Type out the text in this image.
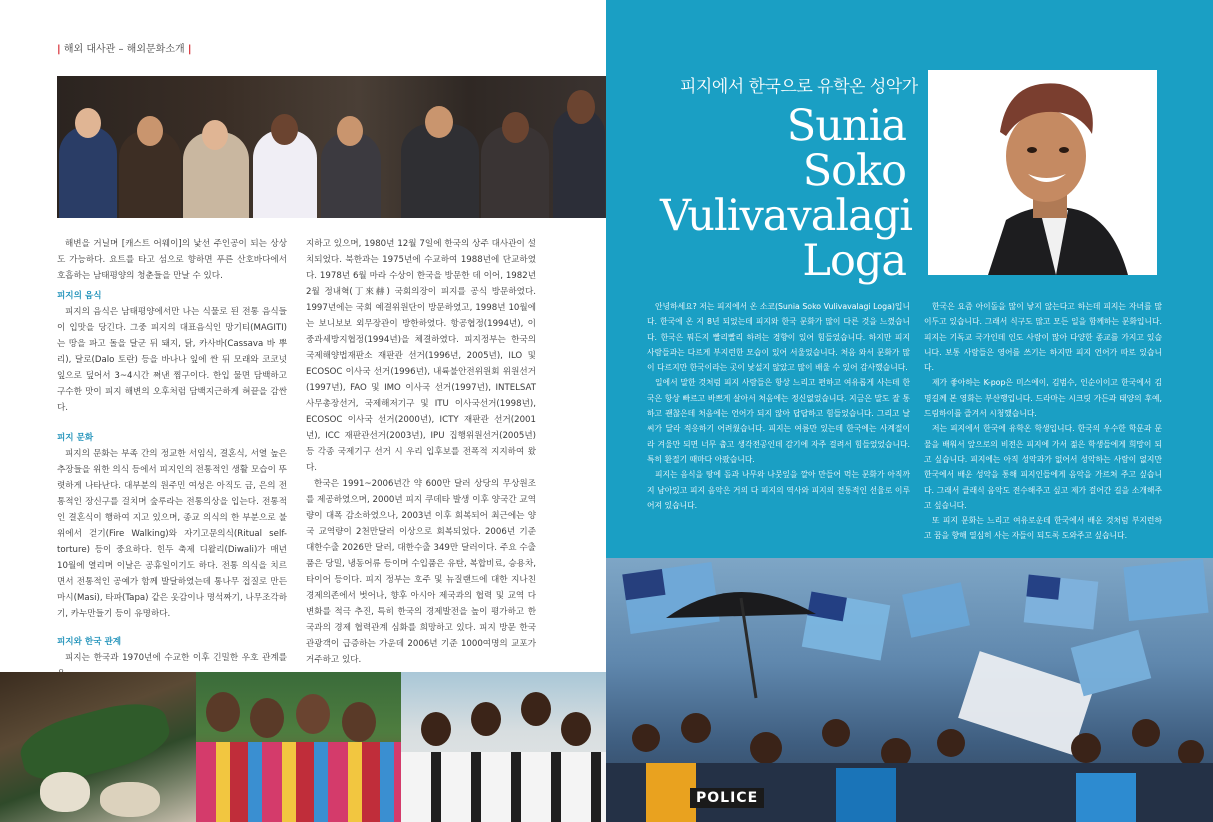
| 해외 대사관 – 해외문화소개 |

해변을 거닐며 [캐스트 어웨이]의 낯선 주인공이 되는 상상도 가능하다. 요트를 타고 섬으로 향하면 푸른 산호바다에서 호흡하는 남태평양의 청춘들을 만날 수 있다.

피지의 음식

피지의 음식은 남태평양에서만 나는 식물로 된 전통 음식들이 입맛을 당긴다. 그중 피지의 대표음식인 망기티(MAGITI)는 땅을 파고 돌을 달군 뒤 돼지, 닭, 카사바(Cassava 바 뿌리), 달로(Dalo 토란) 등을 바나나 잎에 싼 뒤 모래와 코코넛 잎으로 덮어서 3~4시간 쪄낸 찜구이다. 한입 물면 담백하고 구수한 맛이 피지 해변의 오후처럼 담백지근하게 혀끝을 감싼다.

피지 문화

피지의 문화는 부족 간의 정교한 서임식, 결혼식, 서열 높은 추장들을 위한 의식 등에서 피지인의 전통적인 생활 모습이 뚜렷하게 나타난다. 대부분의 원주민 여성은 아직도 금, 은의 전통적인 장신구를 걸치며 숲루라는 전통의상을 입는다. 전통적인 결혼식이 행하여 지고 있으며, 종교 의식의 한 부분으로 불 위에서 걷기(Fire Walking)와 자기고문의식(Ritual self-torture) 등이 중요하다. 힌두 축제 디왈리(Diwali)가 매년 10월에 열리며 이날은 공휴일이기도 하다. 전통 의식을 치르면서 전통적인 공예가 함께 발달하였는데 통나무 접질로 만든 마시(Masi), 타파(Tapa) 같은 옷감이나 명석짜기, 나무조각하기, 카누만들기 등이 유명하다.

피지와 한국 관계

피지는 한국과 1970년에 수교한 이후 긴밀한 우호 관계를

지하고 있으며, 1980년 12월 7일에 한국의 상주 대사관이 설치되었다. 북한과는 1975년에 수교하여 1988년에 단교하였다. 1978년 6월 마라 수상이 한국을 방문한 데 이어, 1982년 2월 정내혁(丁來赫) 국회의장이 피지를 공식 방문하였다. 1997년에는 국회 예결위원단이 방문하였고, 1998년 10월에는 보니보보 외무장관이 방한하였다. 항공협정(1994년), 이중과세방지협정(1994년)을 체결하였다. 피지정부는 한국의 국제해양법재판소 재판관 선거(1996년, 2005년), ILO 및 ECOSOC 이사국 선거(1996년), 내륙불안전위원회 위원선거(1997년), FAO 및 IMO 이사국 선거(1997년), INTELSAT 사무총장선거, 국제해저기구 및 ITU 이사국선거(1998년), ECOSOC 이사국 선거(2000년), ICTY 재판관 선거(2001년), ICC 재판관선거(2003년), IPU 집행위원선거(2005년) 등 각종 국제기구 선거 시 우리 입후보를 전폭적 지지하여 왔다.

한국은 1991~2006년간 약 600만 달러 상당의 무상원조를 제공하였으며, 2000년 피지 쿠데타 발생 이후 양국간 교역량이 대폭 감소하였으나, 2003년 이후 회복되어 최근에는 양국 교역량이 2천만달러 이상으로 회복되었다. 2006년 기준 대한수출 2026만 달러, 대한수출 349만 달러이다. 주요 수출품은 당밀, 냉동어류 등이며 수입품은 유탄, 복합비료, 승용차, 타이어 등이다. 피지 정부는 호주 및 뉴질랜드에 대한 지나친 경제의존에서 벗어나, 향후 아시아 제국과의 협력 및 교역 다변화를 적극 추진, 특히 한국의 경제발전을 높이 평가하고 한국과의 경제 협력관계 심화를 희망하고 있다. 피지 방문 한국 관광객이 급증하는 가운데 2006년 기준 1000여명의 교포가 거주하고 있다.

피지에서 한국으로 유학온 성악가
Sunia
Soko
Vulivavalagi
Loga

안녕하세요? 저는 피지에서 온 소코(Sunia Soko Vulivavalagi Loga)입니다. 한국에 온 지 8년 되었는데 피지와 한국 문화가 많이 다른 것을 느꼈습니다. 한국은 뭐든지 빨리빨리 하려는 경향이 있어 힘들었습니다. 하지만 피지 사람들과는 다르게 부지런한 모습이 있어 서울었습니다. 처음 와서 문화가 많이 다르지만 한국이라는 곳이 낯설지 않았고 많이 배울 수 있어 감사했습니다.

일에서 말한 것처럼 피지 사람들은 항상 느리고 편하고 여유롭게 사는데 한국은 항상 빠르고 바쁘게 살아서 처음에는 정신없었습니다. 지금은 말도 잘 통하고 괜찮은데 처음에는 언어가 되지 않아 답답하고 힘들었습니다. 그리고 날씨가 달라 적응하기 어려웠습니다. 피지는 여름만 있는데 한국에는 사계절이라 겨울만 되면 너무 춥고 생각전공인데 감기에 자주 걸려서 힘들었었습니다. 특히 환절기 때마다 아팠습니다.

피지는 음식을 땅에 돌과 나무와 나뭇잎을 깔아 만들어 먹는 문화가 아직까지 남아있고 피지 음악은 거의 다 피지의 역사와 피지의 전통적인 선율로 이루어져 있습니다.

한국은 요즘 아이돌을 많이 낳지 않는다고 하는데 피지는 자녀를 많이두고 있습니다. 그래서 식구도 많고 모든 일을 함께하는 문화입니다. 피지는 기독교 국가인데 인도 사람이 많아 다양한 종교를 가지고 있습니다. 보통 사람들은 영어를 쓰기는 하지만 피지 언어가 따로 있습니다.

제가 좋아하는 K-pop은 미스에이, 김범수, 인순이이고 한국에서 김명길께 본 영화는 부산행입니다. 드라마는 시크릿 가든과 태양의 후예, 드림하이를 즐겨서 시청했습니다.

저는 피지에서 한국에 유학온 학생입니다. 한국의 우수한 학문과 문물을 배워서 앞으로의 비전은 피지에 가서 젊은 학생들에게 희망이 되고 싶습니다. 피지에는 아직 성악과가 없어서 성악하는 사람이 없지만 한국에서 배운 성악을 통해 피지인들에게 음악을 가르쳐 주고 싶습니다. 그래서 클래식 음악도 전수해주고 싶고 제가 걸어간 길을 소개해주고 싶습니다.

또 피지 문화는 느리고 여유로운데 한국에서 배운 것처럼 부지런하고 꿈을 향해 열심히 사는 자들이 되도록 도와주고 싶습니다.

POLICE
